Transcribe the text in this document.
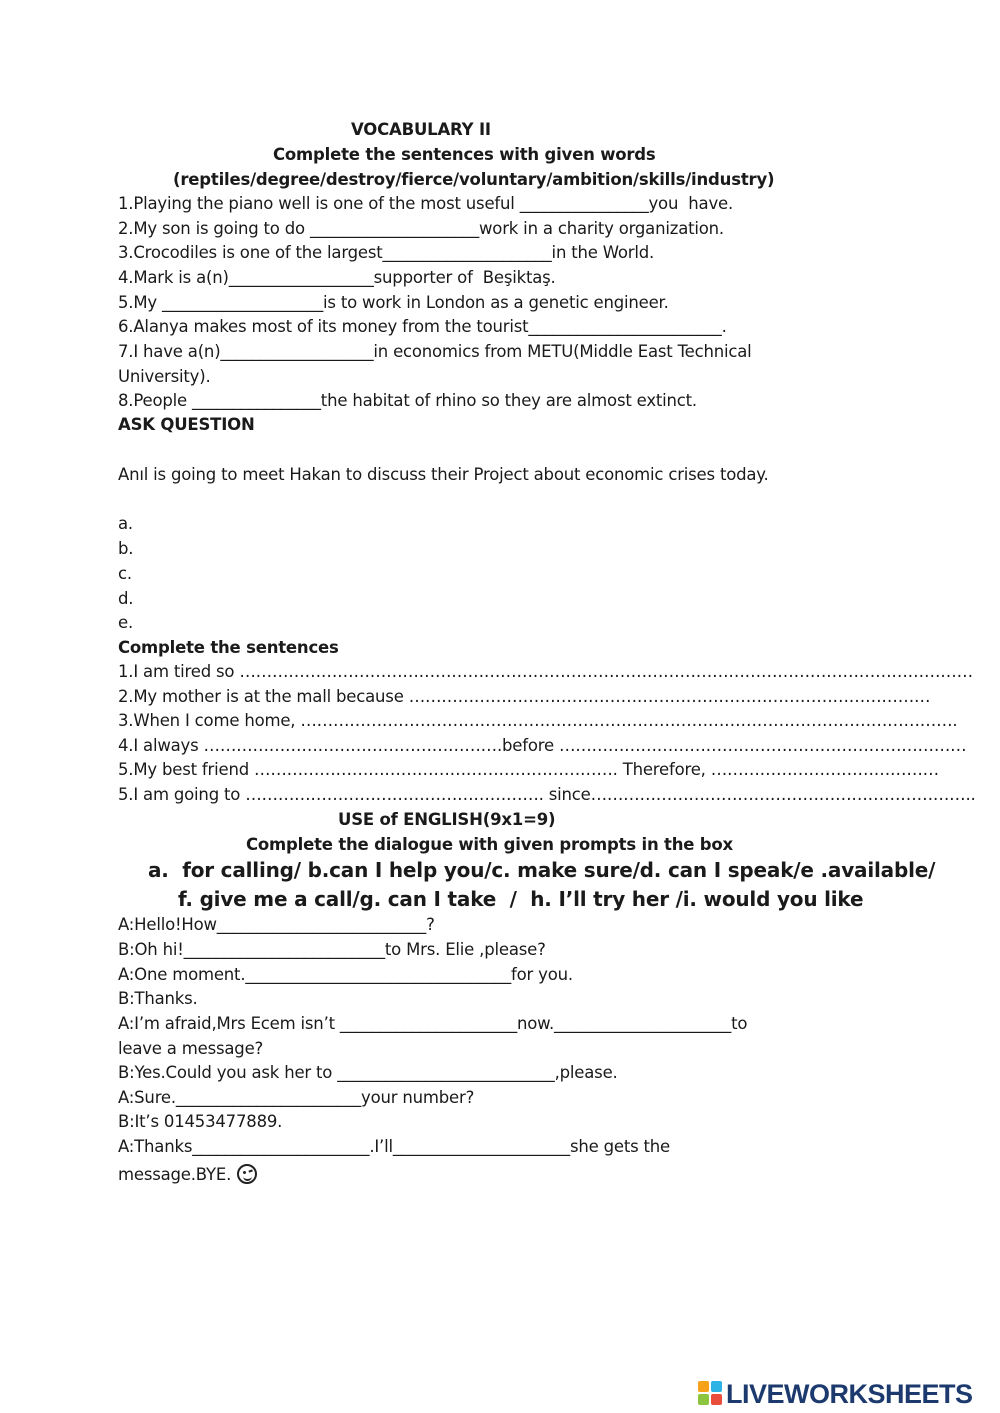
VOCABULARY II
Complete the sentences with given words
(reptiles/degree/destroy/fierce/voluntary/ambition/skills/industry)
1.Playing the piano well is one of the most useful ________________you  have.
2.My son is going to do _____________________work in a charity organization.
3.Crocodiles is one of the largest_____________________in the World.
4.Mark is a(n)__________________supporter of  Beşiktaş.
5.My ____________________is to work in London as a genetic engineer.
6.Alanya makes most of its money from the tourist________________________.
7.I have a(n)___________________in economics from METU(Middle East Technical
University).
8.People ________________the habitat of rhino so they are almost extinct.
ASK QUESTION
Anıl is going to meet Hakan to discuss their Project about economic crises today.
a.
b.
c.
d.
e.
Complete the sentences
1.I am tired so ………………………………………………………………………………………………………………………
2.My mother is at the mall because ……………………………………………………………………………………
3.When I come home, ………………………………………………………………………………………………………….
4.I always ……………………………………………….before …………………………………………………………………
5.My best friend …………………………………………………………. Therefore, ……………………………………
5.I am going to ………………………………………………. since……………………………………………………………..
USE of ENGLISH(9x1=9)
Complete the dialogue with given prompts in the box
a.  for calling/ b.can I help you/c. make sure/d. can I speak/e .available/
f. give me a call/g. can I take  /  h. I’ll try her /i. would you like
A:Hello!How__________________________?
B:Oh hi!_________________________to Mrs. Elie ,please?
A:One moment._________________________________for you.
B:Thanks.
A:I’m afraid,Mrs Ecem isn’t ______________________now.______________________to
leave a message?
B:Yes.Could you ask her to ___________________________,please.
A:Sure._______________________your number?
B:It’s 01453477889.
A:Thanks______________________.I’ll______________________she gets the
message.BYE.
LIVEWORKSHEETS
